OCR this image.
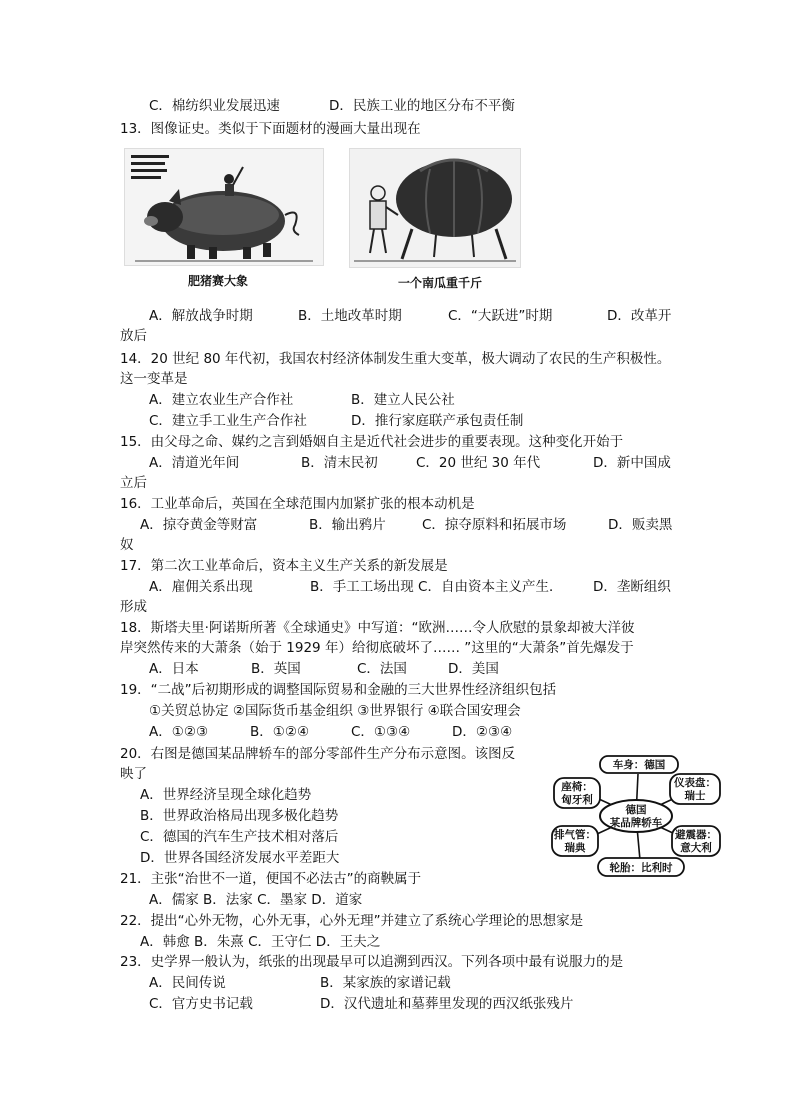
C．棉纺织业发展迅速	D．民族工业的地区分布不平衡
13．图像证史。类似于下面题材的漫画大量出现在
肥猪赛大象	一个南瓜重千斤
A．解放战争时期	B．土地改革时期	C．“大跃进”时期	D．改革开
放后
14．20 世纪 80 年代初，我国农村经济体制发生重大变革，极大调动了农民的生产积极性。
这一变革是
A．建立农业生产合作社	B．建立人民公社
C．建立手工业生产合作社	D．推行家庭联产承包责任制
15．由父母之命、媒约之言到婚姻自主是近代社会进步的重要表现。这种变化开始于
A．清道光年间	B．清末民初	C．20 世纪 30 年代	D．新中国成
立后
16．工业革命后，英国在全球范围内加紧扩张的根本动机是
A．掠夺黄金等财富	B．输出鸦片	C．掠夺原料和拓展市场	D．贩卖黑
奴
17．第二次工业革命后，资本主义生产关系的新发展是
A．雇佣关系出现	B．手工工场出现 C．自由资本主义产生． D．垄断组织
形成
18．斯塔夫里·阿诺斯所著《全球通史》中写道：“欧洲……令人欣慰的景象却被大洋彼
岸突然传来的大萧条（始于 1929 年）给彻底破坏了…… ”这里的“大萧条”首先爆发于
A．日本	B．英国	C．法国	D．美国
19．“二战”后初期形成的调整国际贸易和金融的三大世界性经济组织包括
①关贸总协定 ②国际货币基金组织 ③世界银行 ④联合国安理会
A．①②③	B．①②④	C．①③④	D．②③④
20．右图是德国某品牌轿车的部分零部件生产分布示意图。该图反
映了
A．世界经济呈现全球化趋势
B．世界政治格局出现多极化趋势
C．德国的汽车生产技术相对落后
D．世界各国经济发展水平差距大
德国
某品牌轿车
车身：德国
座椅：
匈牙利
仪表盘：
瑞士
排气管：
瑞典
避震器：
意大利
轮胎：比利时
21．主张“治世不一道，便国不必法古”的商鞅属于
A．儒家 B．法家 C．墨家 D．道家
22．提出“心外无物，心外无事，心外无理”并建立了系统心学理论的思想家是
A．韩愈 B．朱熹 C．王守仁 D．王夫之
23．史学界一般认为，纸张的出现最早可以追溯到西汉。下列各项中最有说服力的是
A．民间传说	B．某家族的家谱记载
C．官方史书记载	D．汉代遗址和墓葬里发现的西汉纸张残片
